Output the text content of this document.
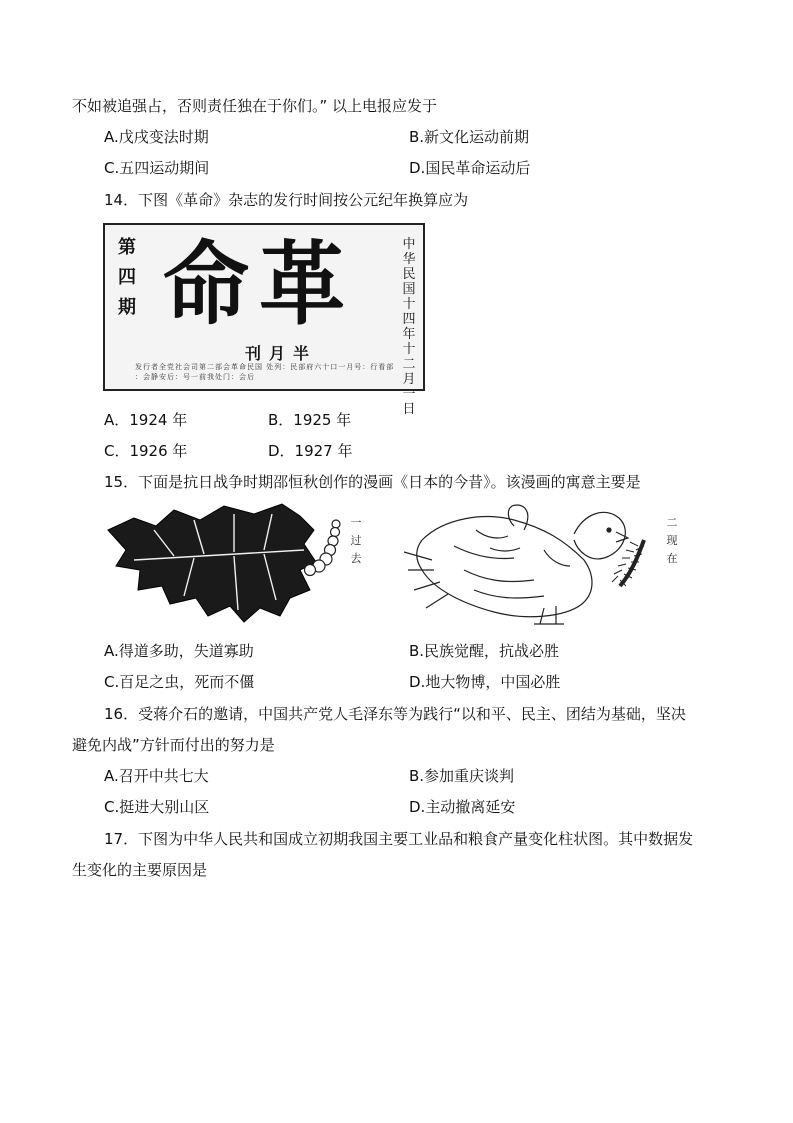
不如被追强占，否则责任独在于你们。” 以上电报应发于
A.戊戌变法时期	B.新文化运动前期
C.五四运动期间	D.国民革命运动后
14．下图《革命》杂志的发行时间按公元纪年换算应为
第四期 命革	中华民国十四年十二月一日
刊月半
发行者全党社会司第二部会革命民国 处列：民部府六十口一月号：行看部 ：会静安后：号一前我处门：会后
A．1924 年	B．1925 年
C．1926 年	D．1927 年
15．下面是抗日战争时期邵恒秋创作的漫画《日本的今昔》。该漫画的寓意主要是
一过去
二现在
A.得道多助，失道寡助	B.民族觉醒，抗战必胜
C.百足之虫，死而不僵	D.地大物博，中国必胜
16．受蒋介石的邀请，中国共产党人毛泽东等为践行“以和平、民主、团结为基础，坚决
避免内战”方针而付出的努力是
A.召开中共七大	B.参加重庆谈判
C.挺进大别山区	D.主动撤离延安
17．下图为中华人民共和国成立初期我国主要工业品和粮食产量变化柱状图。其中数据发
生变化的主要原因是
